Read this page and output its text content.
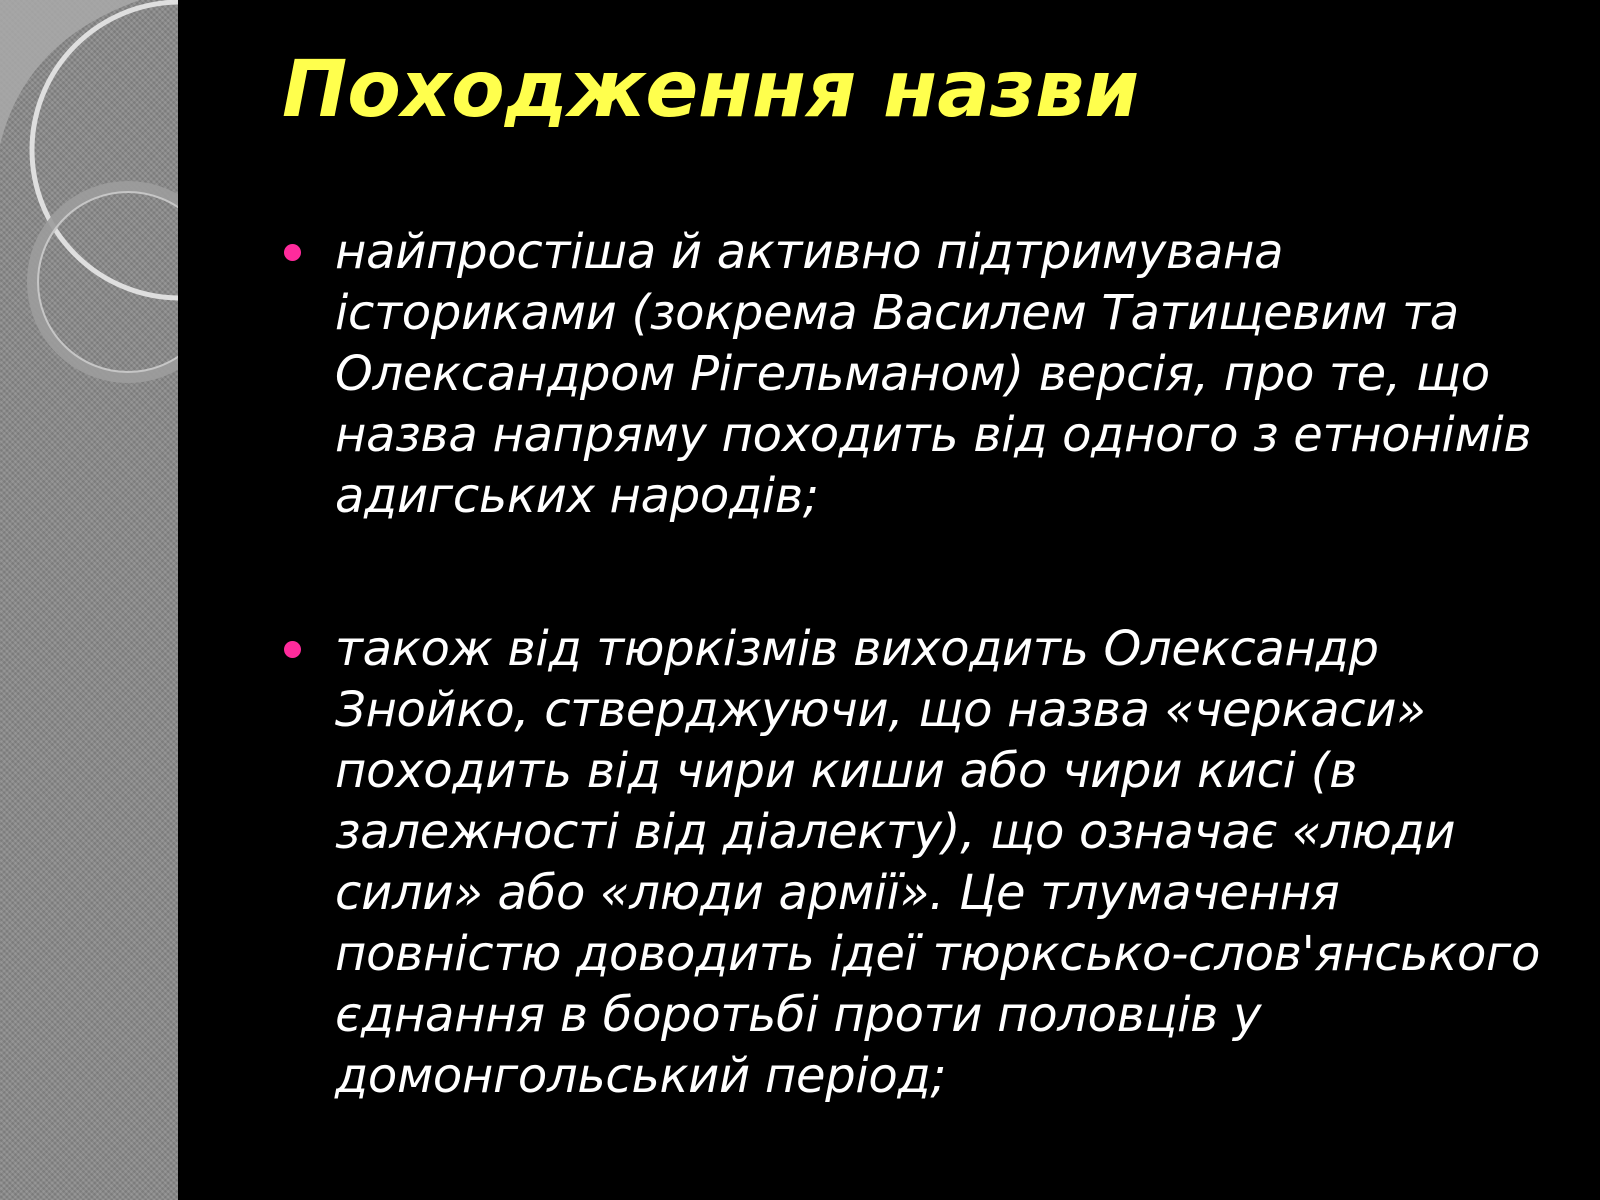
Походження назви
найпростіша й активно підтримувана істориками (зокрема Василем Татищевим та Олександром Рігельманом) версія, про те, що назва напряму походить від одного з етнонімів адигських народів;
також від тюркізмів виходить Олександр Знойко, стверджуючи, що назва «черкаси» походить від чири киши або чири кисі (в залежності від діалекту), що означає «люди сили» або «люди армії». Це тлумачення повністю доводить ідеї тюркськo-слов'янського єднання в боротьбі проти половців у домонгольський період;
